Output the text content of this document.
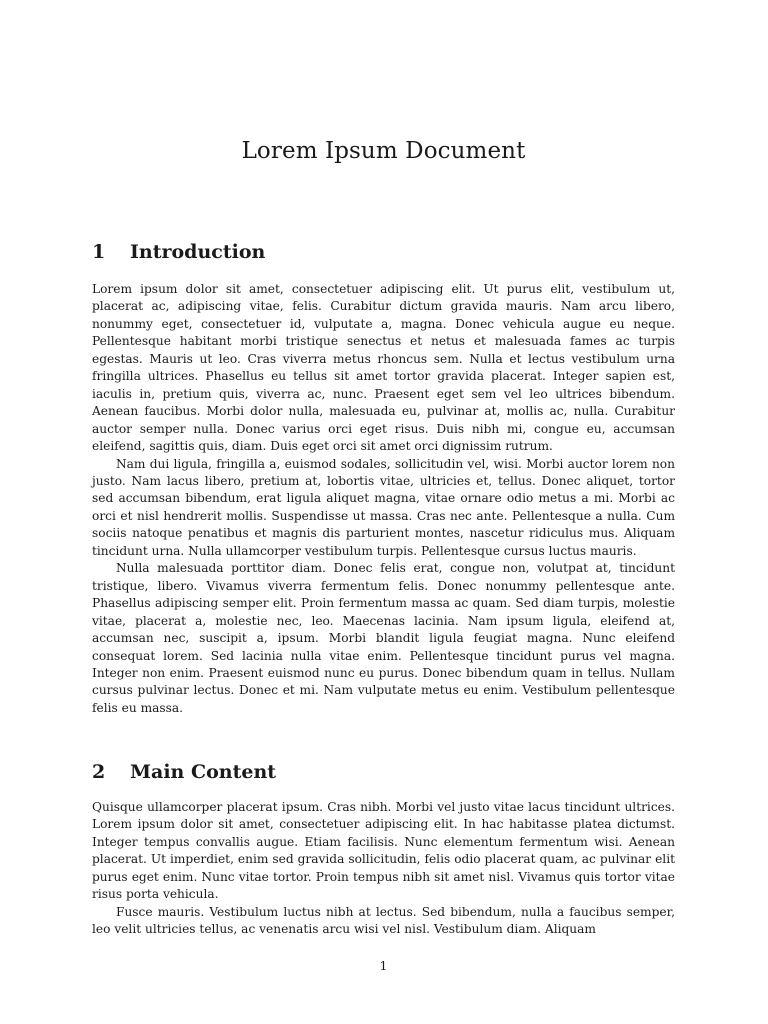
Lorem Ipsum Document
1 Introduction

Lorem ipsum dolor sit amet, consectetuer adipiscing elit. Ut purus elit, vestibulum ut, placerat ac, adipiscing vitae, felis. Curabitur dictum gravida mauris. Nam arcu libero, nonummy eget, consectetuer id, vulputate a, magna. Donec vehicula augue eu neque. Pellentesque habitant morbi tristique senectus et netus et malesuada fames ac turpis egestas. Mauris ut leo. Cras viverra metus rhoncus sem. Nulla et lectus vestibulum urna fringilla ultrices. Phasellus eu tellus sit amet tortor gravida placerat. Integer sapien est, iaculis in, pretium quis, viverra ac, nunc. Praesent eget sem vel leo ultrices bibendum. Aenean faucibus. Morbi dolor nulla, malesuada eu, pulvinar at, mollis ac, nulla. Curabitur auctor semper nulla. Donec varius orci eget risus. Duis nibh mi, congue eu, accumsan eleifend, sagittis quis, diam. Duis eget orci sit amet orci dignissim rutrum.

Nam dui ligula, fringilla a, euismod sodales, sollicitudin vel, wisi. Morbi auctor lorem non justo. Nam lacus libero, pretium at, lobortis vitae, ultricies et, tellus. Donec aliquet, tortor sed accumsan bibendum, erat ligula aliquet magna, vitae ornare odio metus a mi. Morbi ac orci et nisl hendrerit mollis. Suspendisse ut massa. Cras nec ante. Pellentesque a nulla. Cum sociis natoque penatibus et magnis dis parturient montes, nascetur ridiculus mus. Aliquam tincidunt urna. Nulla ullamcorper vestibulum turpis. Pellentesque cursus luctus mauris.

Nulla malesuada porttitor diam. Donec felis erat, congue non, volutpat at, tincidunt tristique, libero. Vivamus viverra fermentum felis. Donec nonummy pellentesque ante. Phasellus adipiscing semper elit. Proin fermentum massa ac quam. Sed diam turpis, molestie vitae, placerat a, molestie nec, leo. Maecenas lacinia. Nam ipsum ligula, eleifend at, accumsan nec, suscipit a, ipsum. Morbi blandit ligula feugiat magna. Nunc eleifend consequat lorem. Sed lacinia nulla vitae enim. Pellentesque tincidunt purus vel magna. Integer non enim. Praesent euismod nunc eu purus. Donec bibendum quam in tellus. Nullam cursus pulvinar lectus. Donec et mi. Nam vulputate metus eu enim. Vestibulum pellentesque felis eu massa.

2 Main Content

Quisque ullamcorper placerat ipsum. Cras nibh. Morbi vel justo vitae lacus tincidunt ultrices. Lorem ipsum dolor sit amet, consectetuer adipiscing elit. In hac habitasse platea dictumst. Integer tempus convallis augue. Etiam facilisis. Nunc elementum fermentum wisi. Aenean placerat. Ut imperdiet, enim sed gravida sollicitudin, felis odio placerat quam, ac pulvinar elit purus eget enim. Nunc vitae tortor. Proin tempus nibh sit amet nisl. Vivamus quis tortor vitae risus porta vehicula.

Fusce mauris. Vestibulum luctus nibh at lectus. Sed bibendum, nulla a faucibus semper, leo velit ultricies tellus, ac venenatis arcu wisi vel nisl. Vestibulum diam. Aliquam

1
